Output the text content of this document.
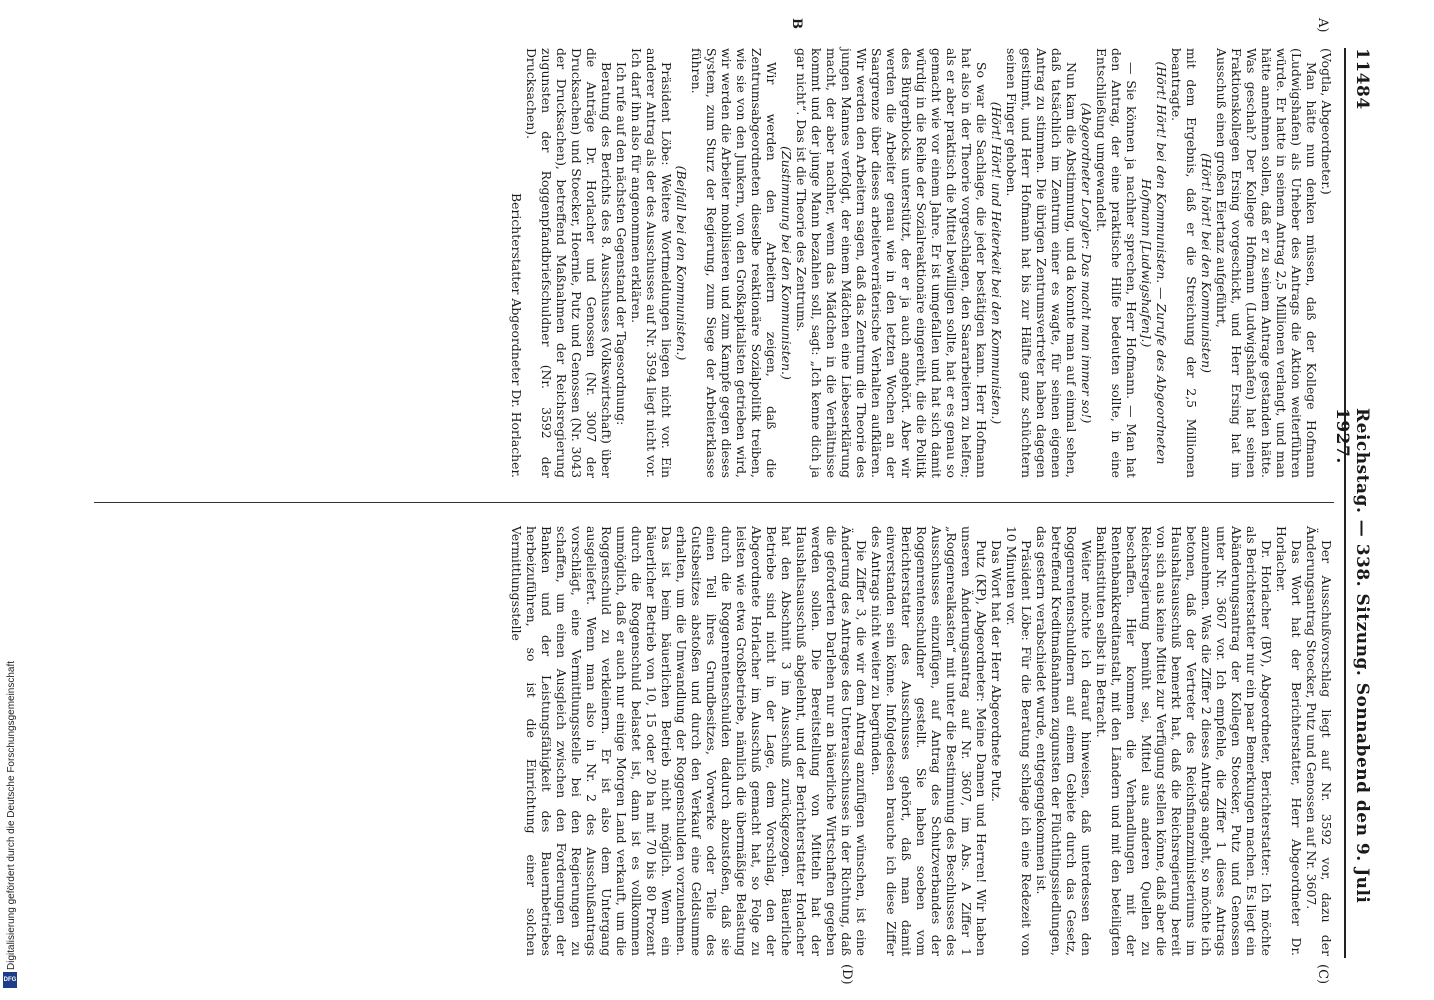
11484
Reichstag. — 338. Sitzung. Sonnabend den 9. Juli 1927.
A)
B
(C)
(D)

(Vogtla, Abgeordneter.)

Man hätte nun denken müssen, daß der Kollege Hofmann (Ludwigshafen) als Urheber des Antrags die Aktion weiterführen würde. Er hatte in seinem Antrag 2,5 Millionen verlangt, und man hätte annehmen sollen, daß er zu seinem Antrage gestanden hätte. Was geschah? Der Kollege Hofmann (Ludwigshafen) hat seinen Fraktionskollegen Ersing vorgeschickt, und Herr Ersing hat im Ausschuß einen großen Eiertanz aufgeführt,

(Hört! hört! bei den Kommunisten)

mit dem Ergebnis, daß er die Streichung der 2,5 Millionen beantragte.

(Hört! Hört! bei den Kommunisten. — Zurufe des Abgeordneten Hofmann [Ludwigshafen].)

— Sie können ja nachher sprechen, Herr Hofmann. — Man hat den Antrag, der eine praktische Hilfe bedeuten sollte, in eine Entschließung umgewandelt.

(Abgeordneter Lorgler: Das macht man immer so!)

Nun kam die Abstimmung, und da konnte man auf einmal sehen, daß tatsächlich im Zentrum einer es wagte, für seinen eigenen Antrag zu stimmen. Die übrigen Zentrumsvertreter haben dagegen gestimmt, und Herr Hofmann hat bis zur Hälfte ganz schüchtern seinen Finger gehoben.

(Hört! Hört! und Heiterkeit bei den Kommunisten.)

So war die Sachlage, die jeder bestätigen kann. Herr Hofmann hat also in der Theorie vorgeschlagen, den Saararbeitern zu helfen; als er aber praktisch die Mittel bewilligen sollte, hat er es genau so gemacht wie vor einem Jahre. Er ist umgefallen und hat sich damit würdig in die Reihe der Sozialreaktionäre eingereiht, die die Politik des Bürgerblocks unterstützt, der er ja auch angehört. Aber wir werden die Arbeiter genau wie in den letzten Wochen an der Saargrenze über dieses arbeiterverräterische Verhalten aufklären. Wir werden den Arbeitern sagen, daß das Zentrum die Theorie des jungen Mannes verfolgt, der einem Mädchen eine Liebeserklärung macht, der aber nachher, wenn das Mädchen in die Verhältnisse kommt und der junge Mann bezahlen soll, sagt: „Ich kenne dich ja gar nicht“. Das ist die Theorie des Zentrums.

(Zustimmung bei den Kommunisten.)

Wir werden den Arbeitern zeigen, daß die Zentrumsabgeordneten dieselbe reaktionäre Sozialpolitik treiben, wie sie von den Junkern, von den Großkapitalisten getrieben wird, wir werden die Arbeiter mobilisieren und zum Kampfe gegen dieses System, zum Sturz der Regierung, zum Siege der Arbeiterklasse führen.

(Beifall bei den Kommunisten.)

Präsident Löbe: Weitere Wortmeldungen liegen nicht vor. Ein anderer Antrag als der des Ausschusses auf Nr. 3594 liegt nicht vor. Ich darf ihn also für angenommen erklären.

Ich rufe auf den nächsten Gegenstand der Tagesordnung:

Beratung des Berichts des 8. Ausschusses (Volkswirtschaft) über die Anträge Dr. Horlacher und Genossen (Nr. 3007 der Drucksachen) und Stoecker, Hoernle, Putz und Genossen (Nr. 3043 der Drucksachen), betreffend Maßnahmen der Reichsregierung zugunsten der Roggenpfandbriefschuldner (Nr. 3592 der Drucksachen).

Berichterstatter Abgeordneter Dr. Horlacher.

Der Ausschußvorschlag liegt auf Nr. 3592 vor, dazu der Änderungsantrag Stoecker, Putz und Genossen auf Nr. 3607.

Das Wort hat der Berichterstatter, Herr Abgeordneter Dr. Horlacher.

Dr. Horlacher (BV), Abgeordneter, Berichterstatter: Ich möchte als Berichterstatter nur ein paar Bemerkungen machen. Es liegt ein Abänderungsantrag der Kollegen Stoecker, Putz und Genossen unter Nr. 3607 vor. Ich empfehle, die Ziffer 1 dieses Antrags anzunehmen. Was die Ziffer 2 dieses Antrags angeht, so möchte ich betonen, daß der Vertreter des Reichsfinanzministeriums im Haushaltsausschuß bemerkt hat, daß die Reichsregierung bereit von sich aus keine Mittel zur Verfügung stellen könne, daß aber die Reichsregierung bemüht sei, Mittel aus anderen Quellen zu beschaffen. Hier kommen die Verhandlungen mit der Rentenbankkreditanstalt, mit den Ländern und mit den beteiligten Bankinstituten selbst in Betracht.

Weiter möchte ich darauf hinweisen, daß unterdessen den Roggenrentenschuldnern auf einem Gebiete durch das Gesetz, betreffend Kreditmaßnahmen zugunsten der Flüchtlingssiedlungen, das gestern verabschiedet wurde, entgegengekommen ist.

Präsident Löbe: Für die Beratung schlage ich eine Redezeit von 10 Minuten vor.

Das Wort hat der Herr Abgeordnete Putz.

Putz (KP), Abgeordneter: Meine Damen und Herren! Wir haben unseren Änderungsantrag auf Nr. 3607, im Abs. A Ziffer 1 „Roggenrealkasten“ mit unter die Bestimmung des Beschlusses des Ausschusses einzufügen, auf Antrag des Schutzverbandes der Roggenrentenschuldner gestellt. Sie haben soeben vom Berichterstatter des Ausschusses gehört, daß man damit einverstanden sein könne. Infolgedessen brauche ich diese Ziffer des Antrags nicht weiter zu begründen.

Die Ziffer 3, die wir dem Antrag anzufügen wünschen, ist eine Änderung des Antrages des Unterausschusses in der Richtung, daß die geforderten Darlehen nur an bäuerliche Wirtschaften gegeben werden sollen. Die Bereitstellung von Mitteln hat der Haushaltsausschuß abgelehnt, und der Berichterstatter Horlacher hat den Abschnitt 3 im Ausschuß zurückgezogen. Bäuerliche Betriebe sind nicht in der Lage, dem Vorschlag, den der Abgeordnete Horlacher im Ausschuß gemacht hat, so Folge zu leisten wie etwa Großbetriebe, nämlich die übermäßige Belastung durch die Roggenrentenschulden dadurch abzustoßen, daß sie einen Teil ihres Grundbesitzes, Vorwerke oder Teile des Gutsbesitzes abstoßen und durch den Verkauf eine Geldsumme erhalten, um die Umwandlung der Roggenschulden vorzunehmen. Das ist beim bäuerlichen Betrieb nicht möglich. Wenn ein bäuerlicher Betrieb von 10, 15 oder 20 ha mit 70 bis 80 Prozent durch die Roggenschuld belastet ist, dann ist es vollkommen unmöglich, daß er auch nur einige Morgen Land verkauft, um die Roggenschuld zu verkleinern. Er ist also dem Untergang ausgeliefert. Wenn man also in Nr. 2 des Ausschußantrags vorschlägt, eine Vermittlungsstelle bei den Regierungen zu schaffen, um einen Ausgleich zwischen den Forderungen der Banken und der Leistungsfähigkeit des Bauernbetriebes herbeizuführen, so ist die Einrichtung einer solchen Vermittlungsstelle

Digitalisierung gefördert durch die Deutsche Forschungsgemeinschaft
DFG
